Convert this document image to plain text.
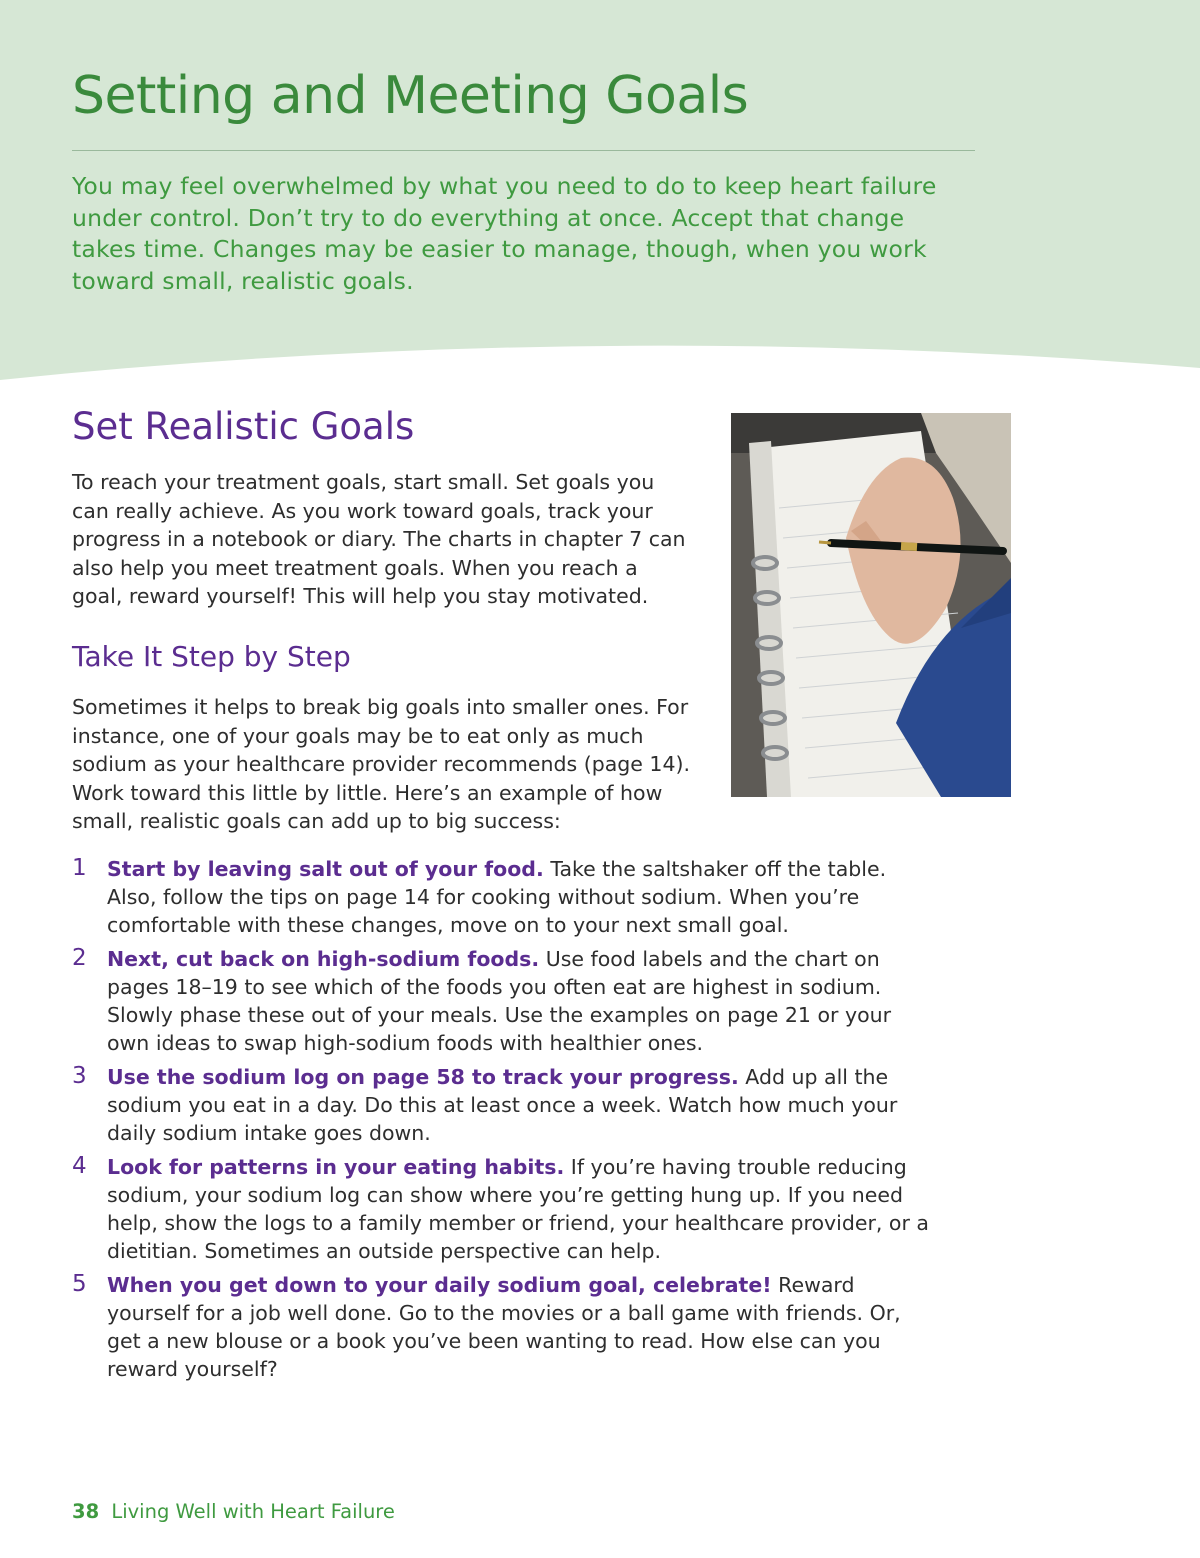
Setting and Meeting Goals

You may feel overwhelmed by what you need to do to keep heart failure under control. Don’t try to do everything at once. Accept that change takes time. Changes may be easier to manage, though, when you work toward small, realistic goals.

Set Realistic Goals

To reach your treatment goals, start small. Set goals you can really achieve. As you work toward goals, track your progress in a notebook or diary. The charts in chapter 7 can also help you meet treatment goals. When you reach a goal, reward yourself! This will help you stay motivated.

Take It Step by Step

Sometimes it helps to break big goals into smaller ones. For instance, one of your goals may be to eat only as much sodium as your healthcare provider recommends (page 14). Work toward this little by little. Here’s an example of how small, realistic goals can add up to big success:

1 Start by leaving salt out of your food. Take the saltshaker off the table. Also, follow the tips on page 14 for cooking without sodium. When you’re comfortable with these changes, move on to your next small goal.
2 Next, cut back on high-sodium foods. Use food labels and the chart on pages 18–19 to see which of the foods you often eat are highest in sodium. Slowly phase these out of your meals. Use the examples on page 21 or your own ideas to swap high-sodium foods with healthier ones.
3 Use the sodium log on page 58 to track your progress. Add up all the sodium you eat in a day. Do this at least once a week. Watch how much your daily sodium intake goes down.
4 Look for patterns in your eating habits. If you’re having trouble reducing sodium, your sodium log can show where you’re getting hung up. If you need help, show the logs to a family member or friend, your healthcare provider, or a dietitian. Sometimes an outside perspective can help.
5 When you get down to your daily sodium goal, celebrate! Reward yourself for a job well done. Go to the movies or a ball game with friends. Or, get a new blouse or a book you’ve been wanting to read. How else can you reward yourself?
38 Living Well with Heart Failure
